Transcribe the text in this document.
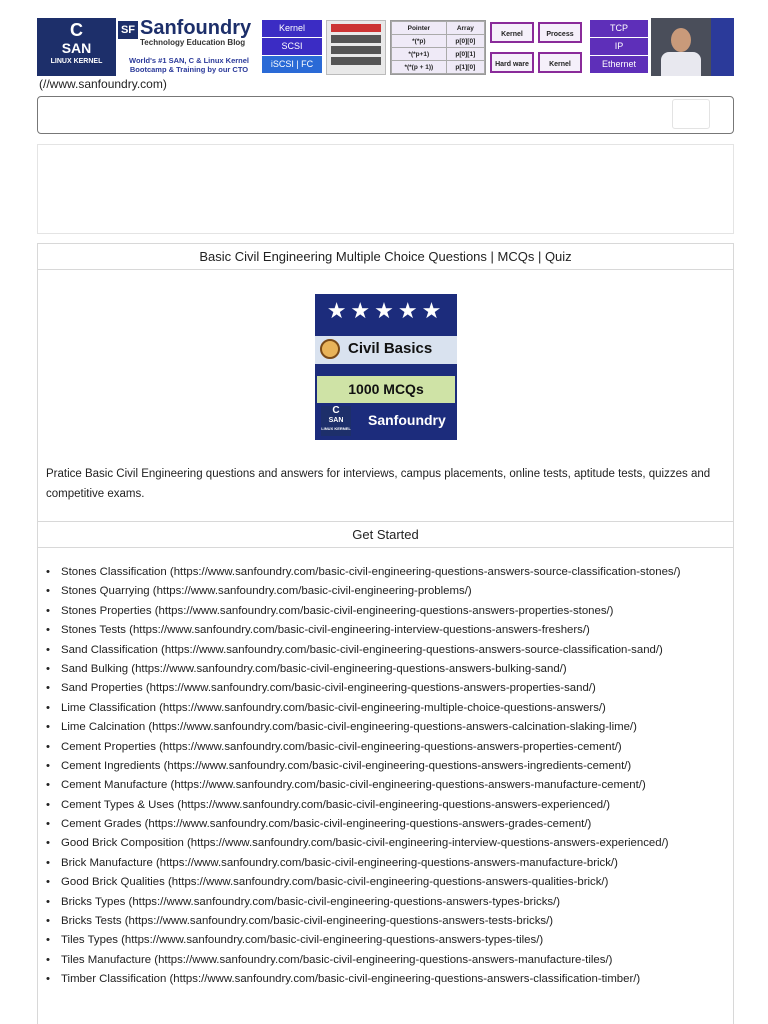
C
SAN
LINUX KERNEL
SF Sanfoundry
Technology Education Blog
World's #1 SAN, C & Linux Kernel Bootcamp & Training by our CTO
Kernel
SCSI
iSCSI | FC
Pointer	Array
*(*p)	p[0][0]
*(*p+1)	p[0][1]
*(*(p + 1))	p[1][0]
Kernel	Process
Hard ware	Kernel
TCP
IP
Ethernet
(//www.sanfoundry.com)
Basic Civil Engineering Multiple Choice Questions | MCQs | Quiz
★★★★★
Civil Basics
1000 MCQs
C
SAN
LINUX KERNEL
Sanfoundry
Pratice Basic Civil Engineering questions and answers for interviews, campus placements, online tests, aptitude tests, quizzes and competitive exams.
Get Started
• Stones Classification (https://www.sanfoundry.com/basic-civil-engineering-questions-answers-source-classification-stones/)
• Stones Quarrying (https://www.sanfoundry.com/basic-civil-engineering-problems/)
• Stones Properties (https://www.sanfoundry.com/basic-civil-engineering-questions-answers-properties-stones/)
• Stones Tests (https://www.sanfoundry.com/basic-civil-engineering-interview-questions-answers-freshers/)
• Sand Classification (https://www.sanfoundry.com/basic-civil-engineering-questions-answers-source-classification-sand/)
• Sand Bulking (https://www.sanfoundry.com/basic-civil-engineering-questions-answers-bulking-sand/)
• Sand Properties (https://www.sanfoundry.com/basic-civil-engineering-questions-answers-properties-sand/)
• Lime Classification (https://www.sanfoundry.com/basic-civil-engineering-multiple-choice-questions-answers/)
• Lime Calcination (https://www.sanfoundry.com/basic-civil-engineering-questions-answers-calcination-slaking-lime/)
• Cement Properties (https://www.sanfoundry.com/basic-civil-engineering-questions-answers-properties-cement/)
• Cement Ingredients (https://www.sanfoundry.com/basic-civil-engineering-questions-answers-ingredients-cement/)
• Cement Manufacture (https://www.sanfoundry.com/basic-civil-engineering-questions-answers-manufacture-cement/)
• Cement Types & Uses (https://www.sanfoundry.com/basic-civil-engineering-questions-answers-experienced/)
• Cement Grades (https://www.sanfoundry.com/basic-civil-engineering-questions-answers-grades-cement/)
• Good Brick Composition (https://www.sanfoundry.com/basic-civil-engineering-interview-questions-answers-experienced/)
• Brick Manufacture (https://www.sanfoundry.com/basic-civil-engineering-questions-answers-manufacture-brick/)
• Good Brick Qualities (https://www.sanfoundry.com/basic-civil-engineering-questions-answers-qualities-brick/)
• Bricks Types (https://www.sanfoundry.com/basic-civil-engineering-questions-answers-types-bricks/)
• Bricks Tests (https://www.sanfoundry.com/basic-civil-engineering-questions-answers-tests-bricks/)
• Tiles Types (https://www.sanfoundry.com/basic-civil-engineering-questions-answers-types-tiles/)
• Tiles Manufacture (https://www.sanfoundry.com/basic-civil-engineering-questions-answers-manufacture-tiles/)
• Timber Classification (https://www.sanfoundry.com/basic-civil-engineering-questions-answers-classification-timber/)
